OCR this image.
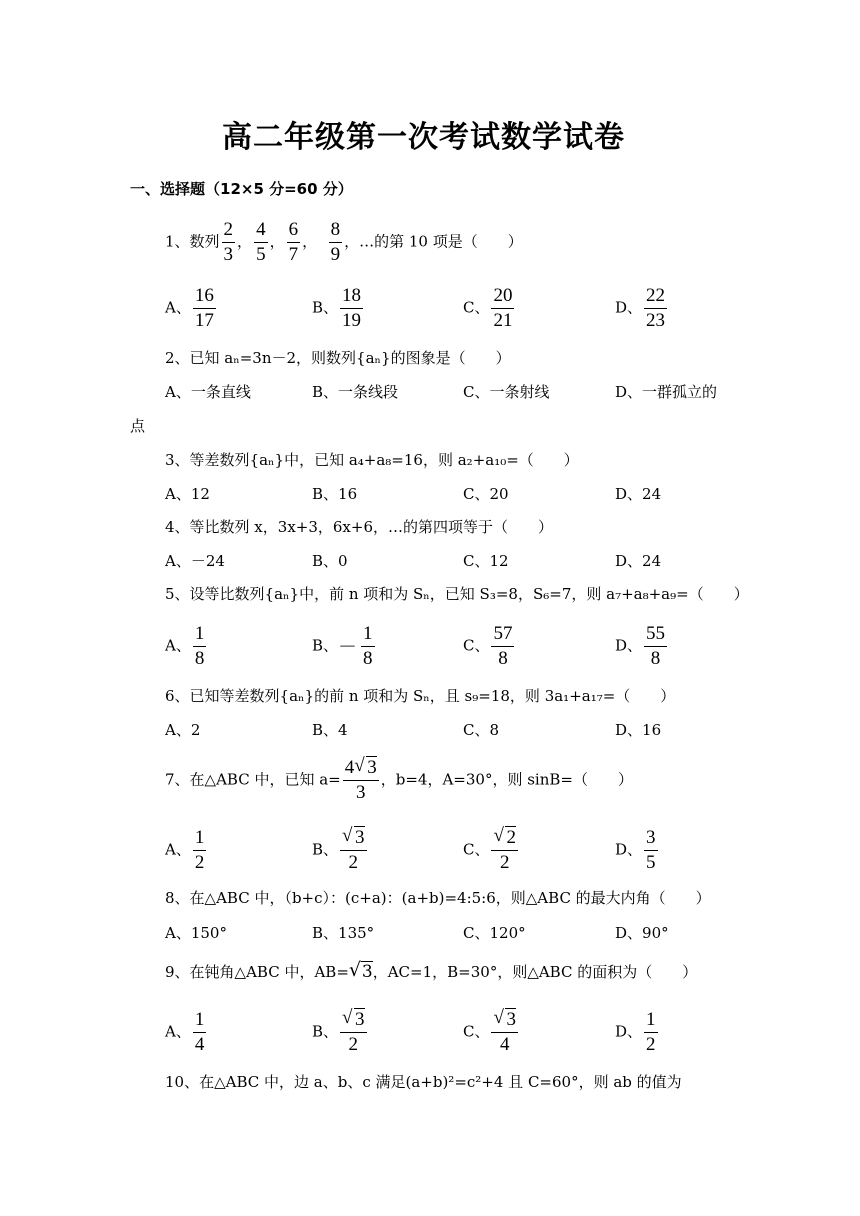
高二年级第一次考试数学试卷
一、选择题（12×5 分=60 分）
1、数列 $\frac{2}{3}$ ， $\frac{4}{5}$ ， $\frac{6}{7}$ ， $\frac{8}{9}$ ，…的第 10 项是（　　）
A、 $\frac{16}{17}$	B、 $\frac{18}{19}$	C、 $\frac{20}{21}$	D、 $\frac{22}{23}$
2、已知 aₙ=3n－2，则数列{aₙ}的图象是（　　）
A、一条直线	B、一条线段	C、一条射线	D、一群孤立的
点
3、等差数列{aₙ}中，已知 a₄+a₈=16，则 a₂+a₁₀=（　　）
A、12	B、16	C、20	D、24
4、等比数列 x，3x+3，6x+6，…的第四项等于（　　）
A、－24	B、0	C、12	D、24
5、设等比数列{aₙ}中，前 n 项和为 Sₙ，已知 S₃=8，S₆=7，则 a₇+a₈+a₉=（　　）
A、 $\frac{1}{8}$	B、－ $\frac{1}{8}$	C、 $\frac{57}{8}$	D、 $\frac{55}{8}$
6、已知等差数列{aₙ}的前 n 项和为 Sₙ，且 s₉=18，则 3a₁+a₁₇=（　　）
A、2	B、4	C、8	D、16
7、在△ABC 中，已知 $a= \frac{4 √ 3}{3}$ ，b=4，A=30°，则 sinB=（　　）
A、 $\frac{1}{2}$	B、 √ $\frac{3}{2}$	C、 √ $\frac{2}{2}$	D、 $\frac{3}{5}$
8、在△ABC 中，（b+c）：(c+a)：(a+b)=4:5:6，则△ABC 的最大内角（　　）
A、150°	B、135°	C、120°	D、90°
9、在钝角△ABC 中，AB= √ 3，AC=1，B=30°，则△ABC 的面积为（　　）
A、 $\frac{1}{4}$	B、 √ $\frac{3}{2}$	C、 √ $\frac{3}{4}$	D、 $\frac{1}{2}$
10、在△ABC 中，边 a、b、c 满足(a+b)²=c²+4 且 C=60°，则 ab 的值为
